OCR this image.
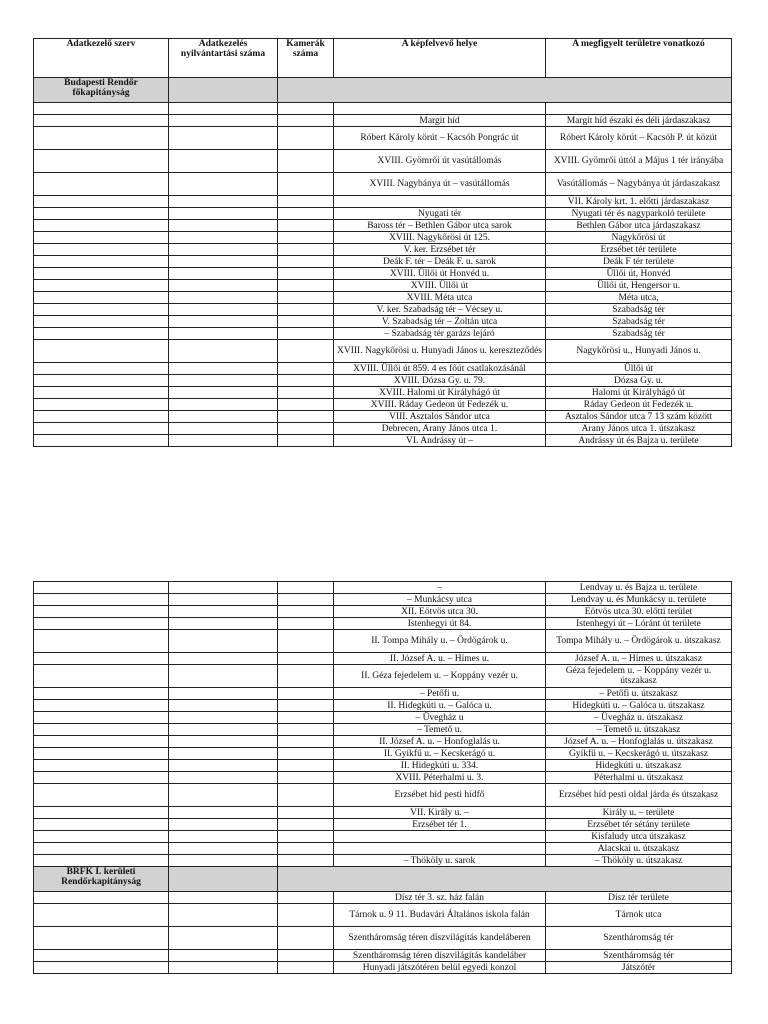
Adatkezelő szerv	Adatkezelés nyilvántartási száma	Kamerák száma	A képfelvevő helye	A megfigyelt területre vonatkozó
Budapesti Rendőr főkapitányság				

			Margit híd	Margit híd északi és déli járdaszakasz
			Róbert Károly körút – Kacsóh Pongrác út	Róbert Károly körút – Kacsóh P. út közút
			XVIII. Gyömrői út vasútállomás	XVIII. Gyömrői úttól a Május 1 tér irányába
			XVIII. Nagybánya út – vasútállomás	Vasútállomás – Nagybánya út járdaszakasz
				VII. Károly krt. 1. előtti járdaszakasz
			Nyugati tér	Nyugati tér és nagyparkoló területe
			Baross tér – Bethlen Gábor utca sarok	Bethlen Gábor utca járdaszakasz
			XVIII. Nagykőrösi út 125.	Nagykőrösi út
			V. ker. Erzsébet tér	Erzsébet tér területe
			Deák F. tér – Deák F. u. sarok	Deák F tér területe
			XVIII. Üllői út Honvéd u.	Üllői út, Honvéd
			XVIII. Üllői út	Üllői út, Hengersor u.
			XVIII. Méta utca	Méta utca,
			V. ker. Szabadság tér – Vécsey u.	Szabadság tér
			V. Szabadság tér – Zoltán utca	Szabadság tér
			– Szabadság tér garázs lejáró	Szabadság tér
			XVIII. Nagykőrösi u. Hunyadi János u. kereszteződés	Nagykőrösi u., Hunyadi János u.
			XVIII. Üllői út 859. 4 es főút csatlakozásánál	Üllői út
			XVIII. Dózsa Gy. u. 79.	Dózsa Gy. u.
			XVIII. Halomi út Királyhágó út	Halomi út Királyhágó út
			XVIII. Ráday Gedeon út Fedezék u.	Ráday Gedeon út Fedezék u.
			VIII. Asztalos Sándor utca	Asztalos Sándor utca 7 13 szám között
			Debrecen, Arany János utca 1.	Arany János utca 1. útszakasz
			VI. Andrássy út –	Andrássy út és Bajza u. területe
			–	Lendvay u. és Bajza u. területe
			– Munkácsy utca	Lendvay u. és Munkácsy u. területe
			XII. Eötvös utca 30.	Eötvös utca 30. előtti terület
			Istenhegyi út 84.	Istenhegyi út – Lóránt út területe
			II. Tompa Mihály u. – Ördögárok u.	Tompa Mihály u. – Ördögárok u. útszakasz
			II. József A. u. – Hímes u.	József A. u. – Hímes u. útszakasz
			II. Géza fejedelem u. – Koppány vezér u.	Géza fejedelem u. – Koppány vezér u. útszakasz
			– Petőfi u.	– Petőfi u. útszakasz
			II. Hidegkúti u. – Galóca u.	Hidegkúti u. – Galóca u. útszakasz
			– Üvegház u	– Üvegház u. útszakasz
			– Temető u.	– Temető u. útszakasz
			II. József A. u. – Honfoglalás u.	József A. u. – Honfoglalás u. útszakasz
			II. Gyíkfű u. – Kecskerágó u.	Gyíkfű u. – Kecskerágó u. útszakasz
			II. Hidegkúti u. 334.	Hidegkúti u. útszakasz
			XVIII. Péterhalmi u. 3.	Péterhalmi u. útszakasz
			Erzsébet híd pesti hídfő	Erzsébet híd pesti oldal járda és útszakasz
			VII. Király u. –	Király u. – területe
			Erzsébet tér 1.	Erzsébet tér sétány területe
				Kisfaludy utca útszakasz
				Alacskai u. útszakasz
			– Thököly u. sarok	– Thököly u. útszakasz
BRFK I. kerületi Rendőrkapitányság				
			Dísz tér 3. sz. ház falán	Dísz tér területe
			Tárnok u. 9 11. Budavári Általános iskola falán	Tárnok utca
			Szentháromság téren díszvilágítás kandeláberen	Szentháromság tér
			Szentháromság téren díszvilágítás kandeláber	Szentháromság tér
			Hunyadi játszótéren belül egyedi konzol	Játszótér
